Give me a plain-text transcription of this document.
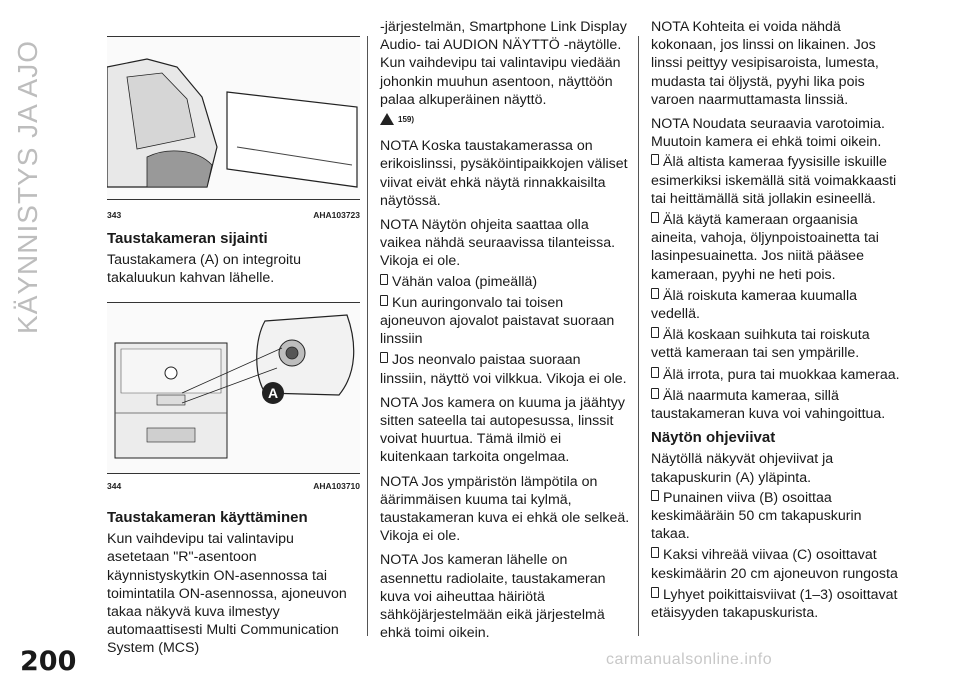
KÄYNNISTYS JA AJO
200	carmanualsonline.info
343	AHA103723
A
344	AHA103710
Taustakameran sijainti

Taustakamera (A) on integroitu takaluukun kahvan lähelle.

Taustakameran käyttäminen

Kun vaihdevipu tai valintavipu asetetaan "R"-asentoon käynnistyskytkin ON-asennossa tai toimintatila ON-asennossa, ajoneuvon takaa näkyvä kuva ilmestyy automaattisesti Multi Communication System (MCS)

-järjestelmän, Smartphone Link Display Audio- tai AUDION NÄYTTÖ -näytölle. Kun vaihdevipu tai valintavipu viedään johonkin muuhun asentoon, näyttöön palaa alkuperäinen näyttö.

$^{159)}$

NOTA Koska taustakamerassa on erikoislinssi, pysäköintipaikkojen väliset viivat eivät ehkä näytä rinnakkaisilta näytössä.

NOTA Näytön ohjeita saattaa olla vaikea nähdä seuraavissa tilanteissa. Vikoja ei ole.

Vähän valoa (pimeällä)
Kun auringonvalo tai toisen ajoneuvon ajovalot paistavat suoraan linssiin
Jos neonvalo paistaa suoraan linssiin, näyttö voi vilkkua. Vikoja ei ole.

NOTA Jos kamera on kuuma ja jäähtyy sitten sateella tai autopesussa, linssit voivat huurtua. Tämä ilmiö ei kuitenkaan tarkoita ongelmaa.

NOTA Jos ympäristön lämpötila on äärimmäisen kuuma tai kylmä, taustakameran kuva ei ehkä ole selkeä. Vikoja ei ole.

NOTA Jos kameran lähelle on asennettu radiolaite, taustakameran kuva voi aiheuttaa häiriötä sähköjärjestelmään eikä järjestelmä ehkä toimi oikein.

NOTA Kohteita ei voida nähdä kokonaan, jos linssi on likainen. Jos linssi peittyy vesipisaroista, lumesta, mudasta tai öljystä, pyyhi lika pois varoen naarmuttamasta linssiä.

NOTA Noudata seuraavia varotoimia. Muutoin kamera ei ehkä toimi oikein.

Älä altista kameraa fyysisille iskuille esimerkiksi iskemällä sitä voimakkaasti tai heittämällä sitä jollakin esineellä.
Älä käytä kameraan orgaanisia aineita, vahoja, öljynpoistoainetta tai lasinpesuainetta. Jos niitä pääsee kameraan, pyyhi ne heti pois.
Älä roiskuta kameraa kuumalla vedellä.
Älä koskaan suihkuta tai roiskuta vettä kameraan tai sen ympärille.
Älä irrota, pura tai muokkaa kameraa.
Älä naarmuta kameraa, sillä taustakameran kuva voi vahingoittua.
Näytön ohjeviivat

Näytöllä näkyvät ohjeviivat ja takapuskurin (A) yläpinta.

Punainen viiva (B) osoittaa keskimääräin 50 cm takapuskurin takaa.
Kaksi vihreää viivaa (C) osoittavat keskimäärin 20 cm ajoneuvon rungosta
Lyhyet poikittaisviivat (1–3) osoittavat etäisyyden takapuskurista.
